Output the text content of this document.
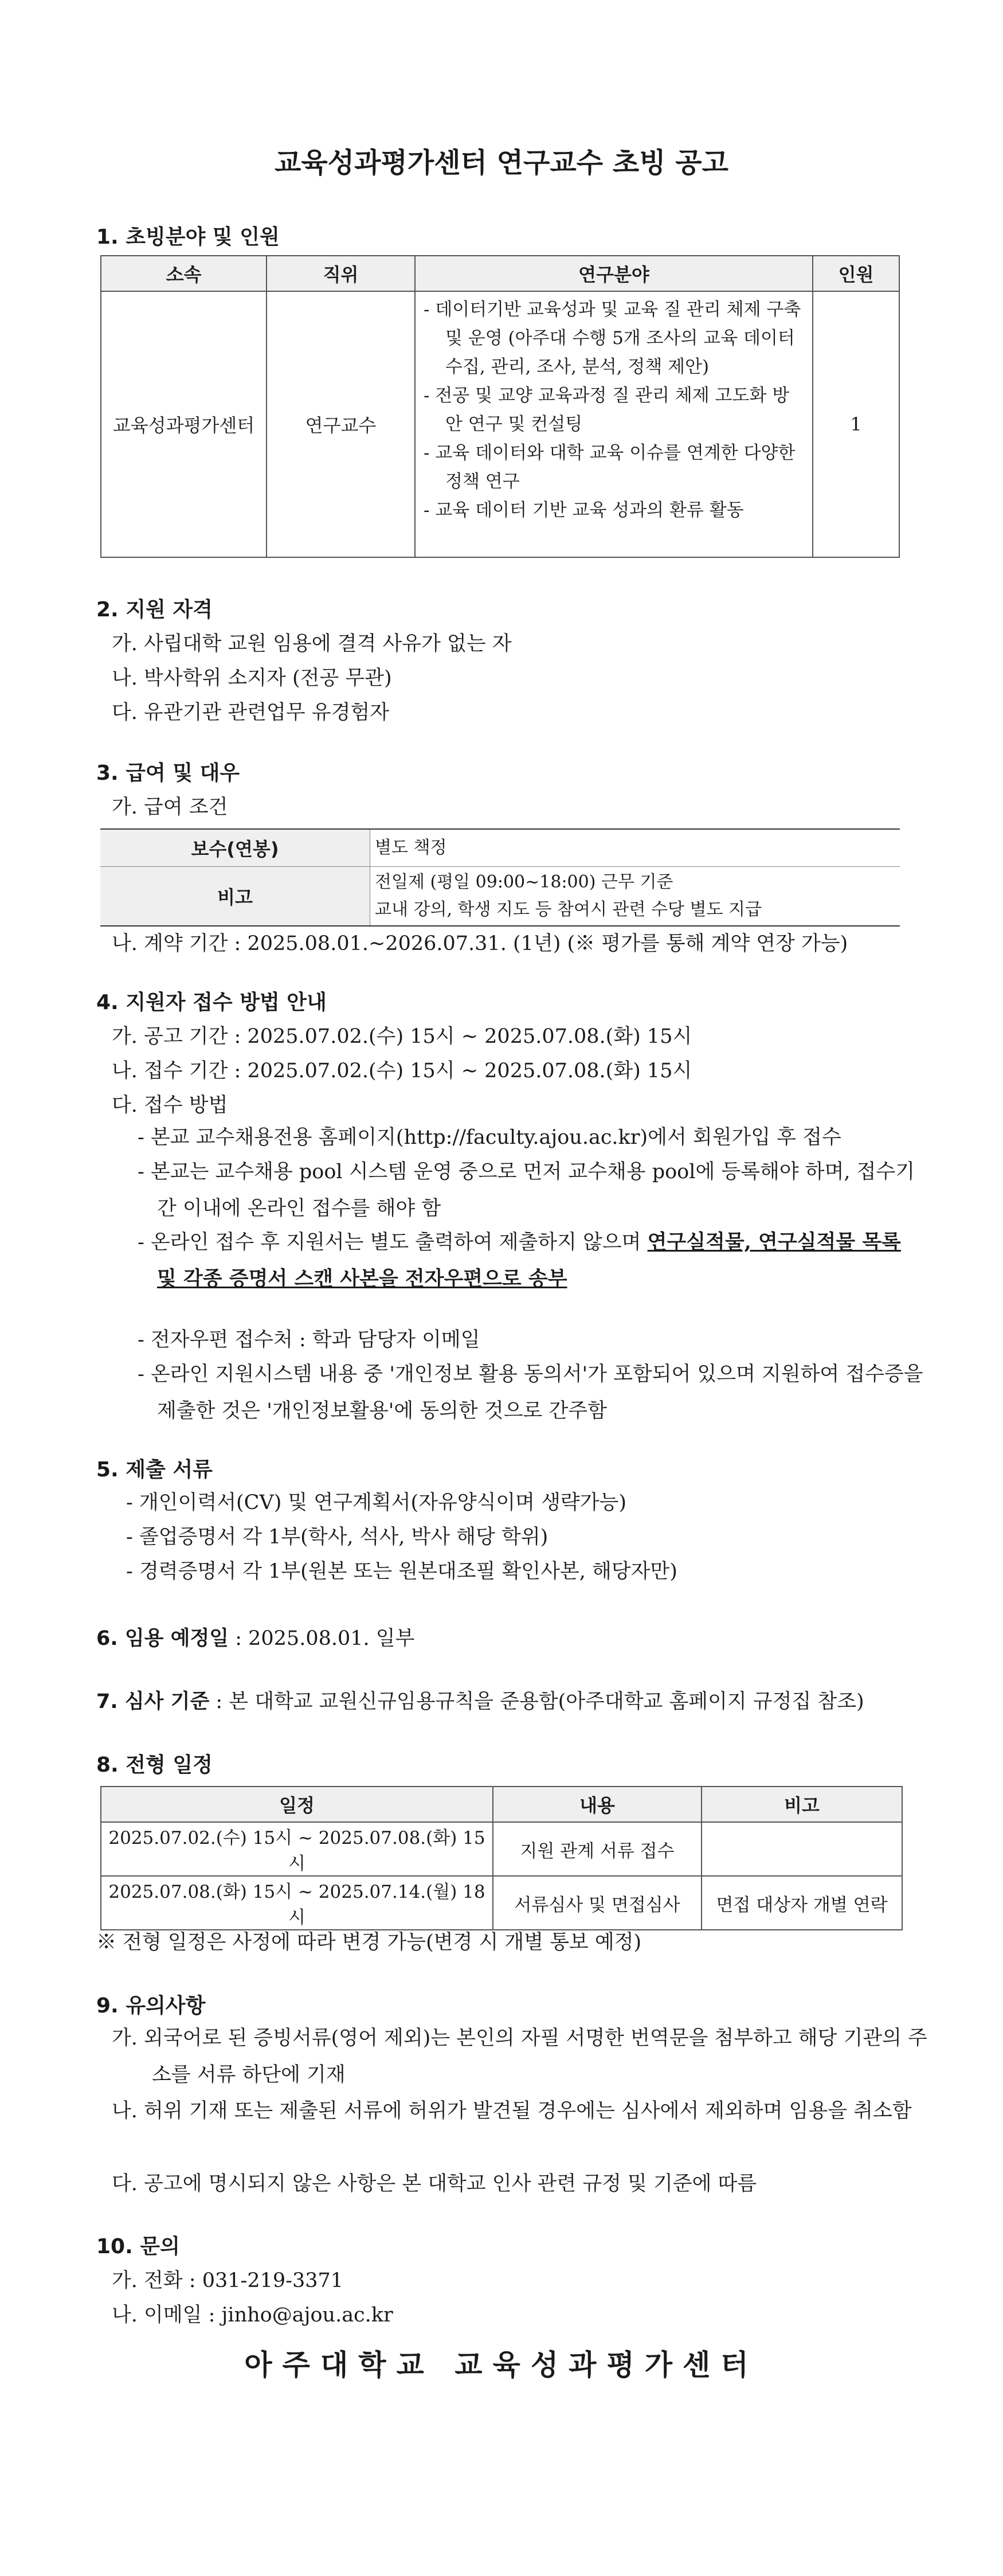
교육성과평가센터 연구교수 초빙 공고
1. 초빙분야 및 인원
소속	직위	연구분야	인원
교육성과평가센터	연구교수	- 데이터기반 교육성과 및 교육 질 관리 체제 구축 및 운영 (아주대 수행 5개 조사의 교육 데이터 수집, 관리, 조사, 분석, 정책 제안)
- 전공 및 교양 교육과정 질 관리 체제 고도화 방안 연구 및 컨설팅
- 교육 데이터와 대학 교육 이슈를 연계한 다양한 정책 연구
- 교육 데이터 기반 교육 성과의 환류 활동	1
2. 지원 자격
가. 사립대학 교원 임용에 결격 사유가 없는 자
나. 박사학위 소지자 (전공 무관)
다. 유관기관 관련업무 유경험자
3. 급여 및 대우
가. 급여 조건
보수(연봉)	별도 책정
비고	전일제 (평일 09:00~18:00) 근무 기준
교내 강의, 학생 지도 등 참여시 관련 수당 별도 지급
나. 계약 기간 : 2025.08.01.~2026.07.31. (1년) (※ 평가를 통해 계약 연장 가능)
4. 지원자 접수 방법 안내
가. 공고 기간 : 2025.07.02.(수) 15시 ~ 2025.07.08.(화) 15시
나. 접수 기간 : 2025.07.02.(수) 15시 ~ 2025.07.08.(화) 15시
다. 접수 방법
- 본교 교수채용전용 홈페이지(http://faculty.ajou.ac.kr)에서 회원가입 후 접수
- 본교는 교수채용 pool 시스템 운영 중으로 먼저 교수채용 pool에 등록해야 하며, 접수기간 이내에 온라인 접수를 해야 함
- 온라인 접수 후 지원서는 별도 출력하여 제출하지 않으며 연구실적물, 연구실적물 목록 및 각종 증명서 스캔 사본을 전자우편으로 송부
- 전자우편 접수처 : 학과 담당자 이메일
- 온라인 지원시스템 내용 중 '개인정보 활용 동의서'가 포함되어 있으며 지원하여 접수증을 제출한 것은 '개인정보활용'에 동의한 것으로 간주함
5. 제출 서류
- 개인이력서(CV) 및 연구계획서(자유양식이며 생략가능)
- 졸업증명서 각 1부(학사, 석사, 박사 해당 학위)
- 경력증명서 각 1부(원본 또는 원본대조필 확인사본, 해당자만)
6. 임용 예정일 : 2025.08.01. 일부
7. 심사 기준 : 본 대학교 교원신규임용규칙을 준용함(아주대학교 홈페이지 규정집 참조)
8. 전형 일정
일정	내용	비고
2025.07.02.(수) 15시 ~ 2025.07.08.(화) 15시	지원 관계 서류 접수	
2025.07.08.(화) 15시 ~ 2025.07.14.(월) 18시	서류심사 및 면접심사	면접 대상자 개별 연락
※ 전형 일정은 사정에 따라 변경 가능(변경 시 개별 통보 예정)
9. 유의사항
가. 외국어로 된 증빙서류(영어 제외)는 본인의 자필 서명한 번역문을 첨부하고 해당 기관의 주소를 서류 하단에 기재
나. 허위 기재 또는 제출된 서류에 허위가 발견될 경우에는 심사에서 제외하며 임용을 취소함
다. 공고에 명시되지 않은 사항은 본 대학교 인사 관련 규정 및 기준에 따름
10. 문의
가. 전화 : 031-219-3371
나. 이메일 : jinho@ajou.ac.kr
아주대학교 교육성과평가센터
